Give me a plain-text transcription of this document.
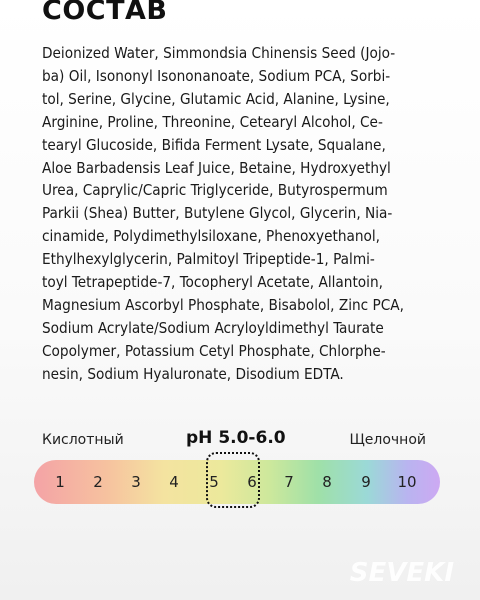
СОСТАВ
Deionized Water, Simmondsia Chinensis Seed (Jojo-
ba) Oil, Isononyl Isononanoate, Sodium PCA, Sorbi-
tol, Serine, Glycine, Glutamic Acid, Alanine, Lysine,
Arginine, Proline, Threonine, Cetearyl Alcohol, Ce-
tearyl Glucoside, Bifida Ferment Lysate, Squalane,
Aloe Barbadensis Leaf Juice, Betaine, Hydroxyethyl
Urea, Caprylic/Capric Triglyceride, Butyrospermum
Parkii (Shea) Butter, Butylene Glycol, Glycerin, Nia-
cinamide, Polydimethylsiloxane, Phenoxyethanol,
Ethylhexylglycerin, Palmitoyl Tripeptide-1, Palmi-
toyl Tetrapeptide-7, Tocopheryl Acetate, Allantoin,
Magnesium Ascorbyl Phosphate, Bisabolol, Zinc PCA,
Sodium Acrylate/Sodium Acryloyldimethyl Taurate
Copolymer, Potassium Cetyl Phosphate, Chlorphe-
nesin, Sodium Hyaluronate, Disodium EDTA.
Кислотный	pH 5.0-6.0	Щелочной
1	2	3	4	5	6	7	8	9	10
SEVEKI
